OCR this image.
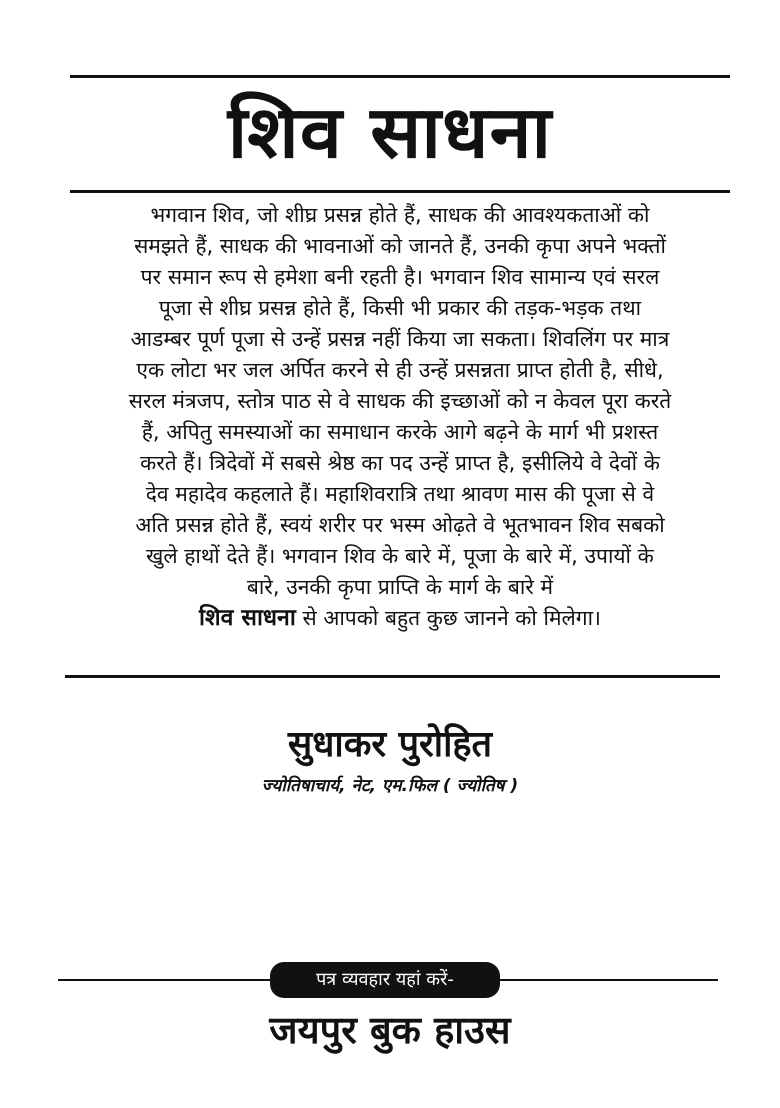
शिव साधना
भगवान शिव, जो शीघ्र प्रसन्न होते हैं, साधक की आवश्यकताओं को
समझते हैं, साधक की भावनाओं को जानते हैं, उनकी कृपा अपने भक्तों
पर समान रूप से हमेशा बनी रहती है। भगवान शिव सामान्य एवं सरल
पूजा से शीघ्र प्रसन्न होते हैं, किसी भी प्रकार की तड़क-भड़क तथा
आडम्बर पूर्ण पूजा से उन्हें प्रसन्न नहीं किया जा सकता। शिवलिंग पर मात्र
एक लोटा भर जल अर्पित करने से ही उन्हें प्रसन्नता प्राप्त होती है, सीधे,
सरल मंत्रजप, स्तोत्र पाठ से वे साधक की इच्छाओं को न केवल पूरा करते
हैं, अपितु समस्याओं का समाधान करके आगे बढ़ने के मार्ग भी प्रशस्त
करते हैं। त्रिदेवों में सबसे श्रेष्ठ का पद उन्हें प्राप्त है, इसीलिये वे देवों के
देव महादेव कहलाते हैं। महाशिवरात्रि तथा श्रावण मास की पूजा से वे
अति प्रसन्न होते हैं, स्वयं शरीर पर भस्म ओढ़ते वे भूतभावन शिव सबको
खुले हाथों देते हैं। भगवान शिव के बारे में, पूजा के बारे में, उपायों के
बारे, उनकी कृपा प्राप्ति के मार्ग के बारे में
शिव साधना से आपको बहुत कुछ जानने को मिलेगा।
सुधाकर पुरोहित
ज्योतिषाचार्य, नेट, एम.फिल ( ज्योतिष )
पत्र व्यवहार यहां करें-
जयपुर बुक हाउस
